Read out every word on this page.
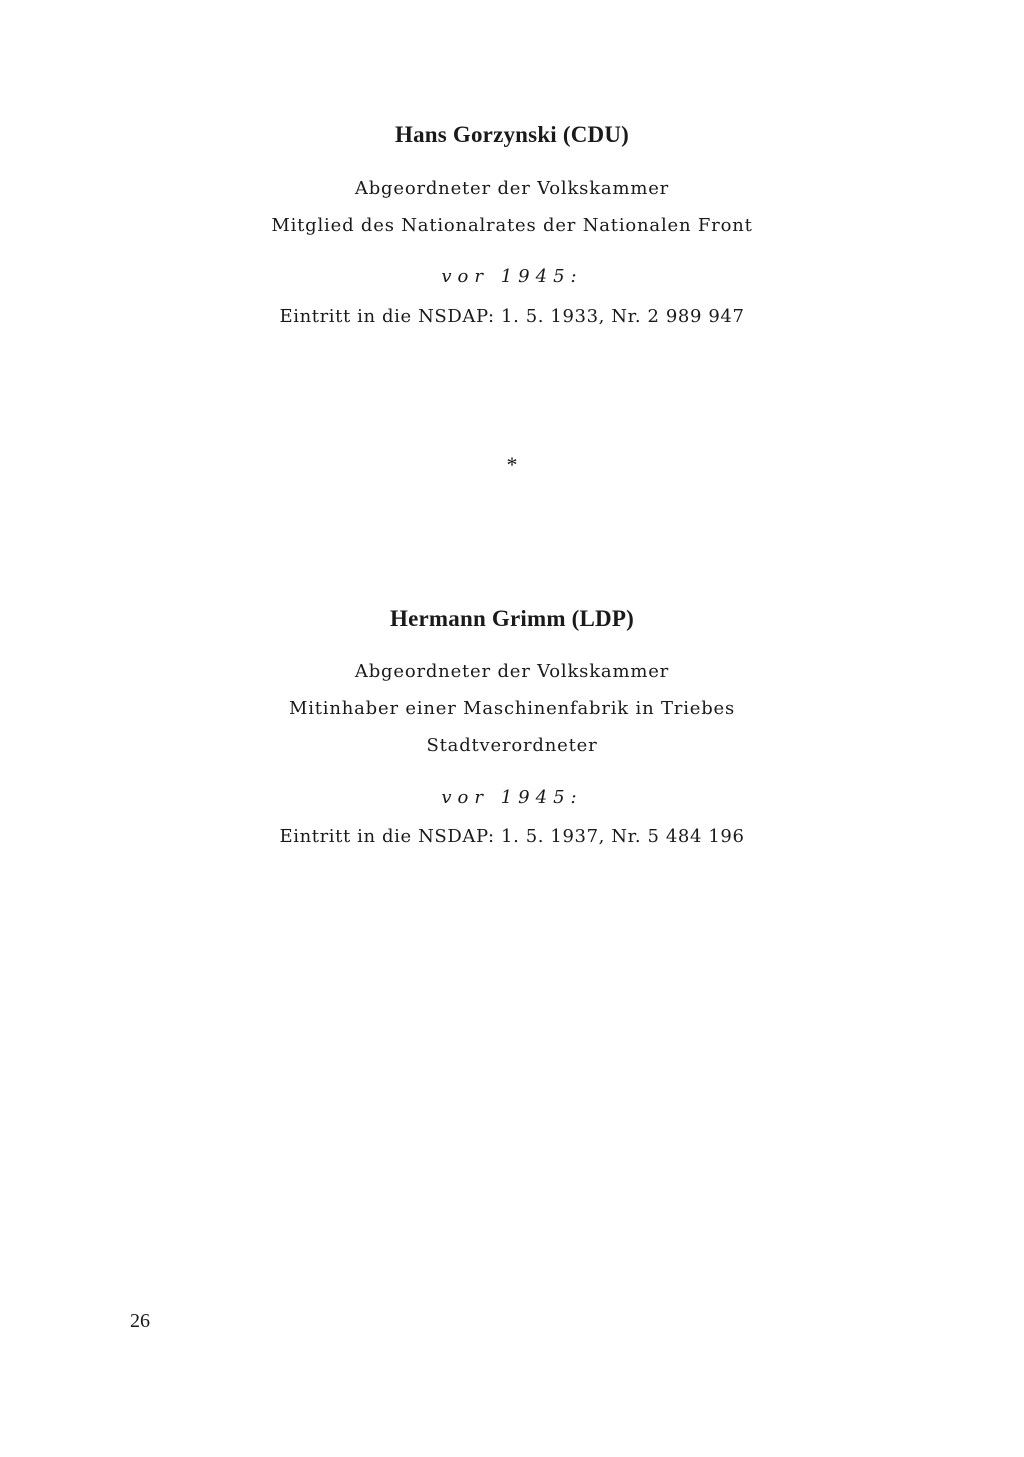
Hans Gorzynski (CDU)
Abgeordneter der Volkskammer
Mitglied des Nationalrates der Nationalen Front
vor 1945:
Eintritt in die NSDAP: 1. 5. 1933, Nr. 2 989 947
*
Hermann Grimm (LDP)
Abgeordneter der Volkskammer
Mitinhaber einer Maschinenfabrik in Triebes
Stadtverordneter
vor 1945:
Eintritt in die NSDAP: 1. 5. 1937, Nr. 5 484 196
26
